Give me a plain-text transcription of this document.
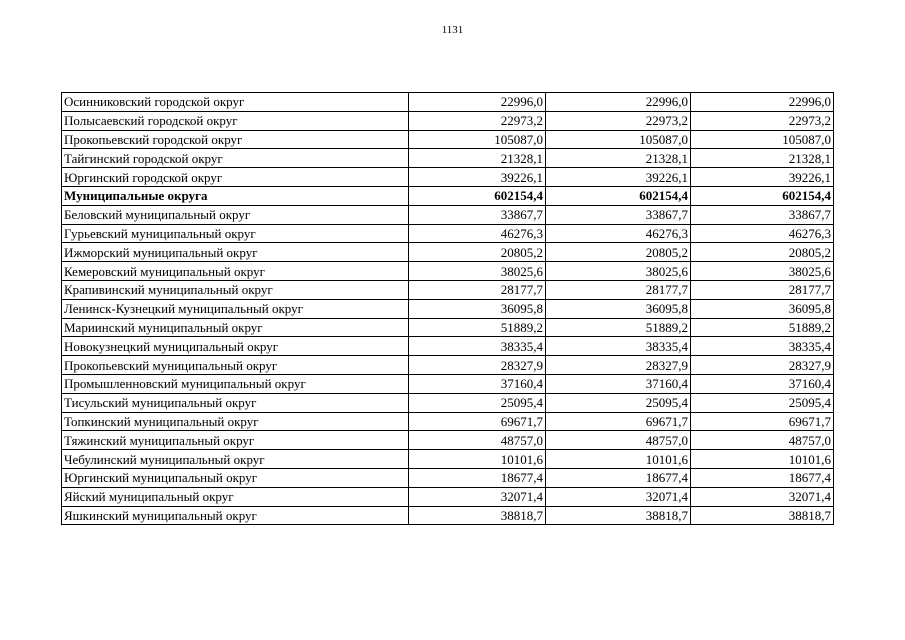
1131
Осинниковский городской округ	22996,0	22996,0	22996,0
Полысаевский городской округ	22973,2	22973,2	22973,2
Прокопьевский городской округ	105087,0	105087,0	105087,0
Тайгинский городской округ	21328,1	21328,1	21328,1
Юргинский городской округ	39226,1	39226,1	39226,1
Муниципальные округа	602154,4	602154,4	602154,4
Беловский муниципальный округ	33867,7	33867,7	33867,7
Гурьевский муниципальный округ	46276,3	46276,3	46276,3
Ижморский муниципальный округ	20805,2	20805,2	20805,2
Кемеровский муниципальный округ	38025,6	38025,6	38025,6
Крапивинский муниципальный округ	28177,7	28177,7	28177,7
Ленинск-Кузнецкий муниципальный округ	36095,8	36095,8	36095,8
Мариинский муниципальный округ	51889,2	51889,2	51889,2
Новокузнецкий муниципальный округ	38335,4	38335,4	38335,4
Прокопьевский муниципальный округ	28327,9	28327,9	28327,9
Промышленновский муниципальный округ	37160,4	37160,4	37160,4
Тисульский муниципальный округ	25095,4	25095,4	25095,4
Топкинский муниципальный округ	69671,7	69671,7	69671,7
Тяжинский муниципальный округ	48757,0	48757,0	48757,0
Чебулинский муниципальный округ	10101,6	10101,6	10101,6
Юргинский муниципальный округ	18677,4	18677,4	18677,4
Яйский муниципальный округ	32071,4	32071,4	32071,4
Яшкинский муниципальный округ	38818,7	38818,7	38818,7
